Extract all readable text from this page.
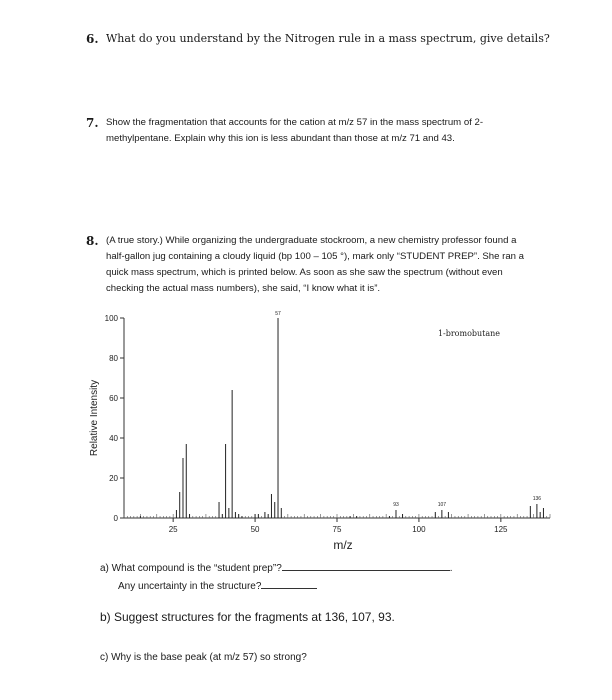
6. What do you understand by the Nitrogen rule in a mass spectrum, give details?
7. Show the fragmentation that accounts for the cation at m/z 57 in the mass spectrum of 2-
methylpentane. Explain why this ion is less abundant than those at m/z 71 and 43.
8. (A true story.) While organizing the undergraduate stockroom, a new chemistry professor found a
half-gallon jug containing a cloudy liquid (bp 100 – 105 °), mark only “STUDENT PREP”. She ran a
quick mass spectrum, which is printed below. As soon as she saw the spectrum (without even
checking the actual mass numbers), she said, “I know what it is”.
0
20
40
60
80
100
25	50	75	100	125
m/z
Relative Intensity
1-bromobutane
57
93	107
136
a) What compound is the “student prep”?	.
Any uncertainty in the structure?
b) Suggest structures for the fragments at 136, 107, 93.
c) Why is the base peak (at m/z 57) so strong?
